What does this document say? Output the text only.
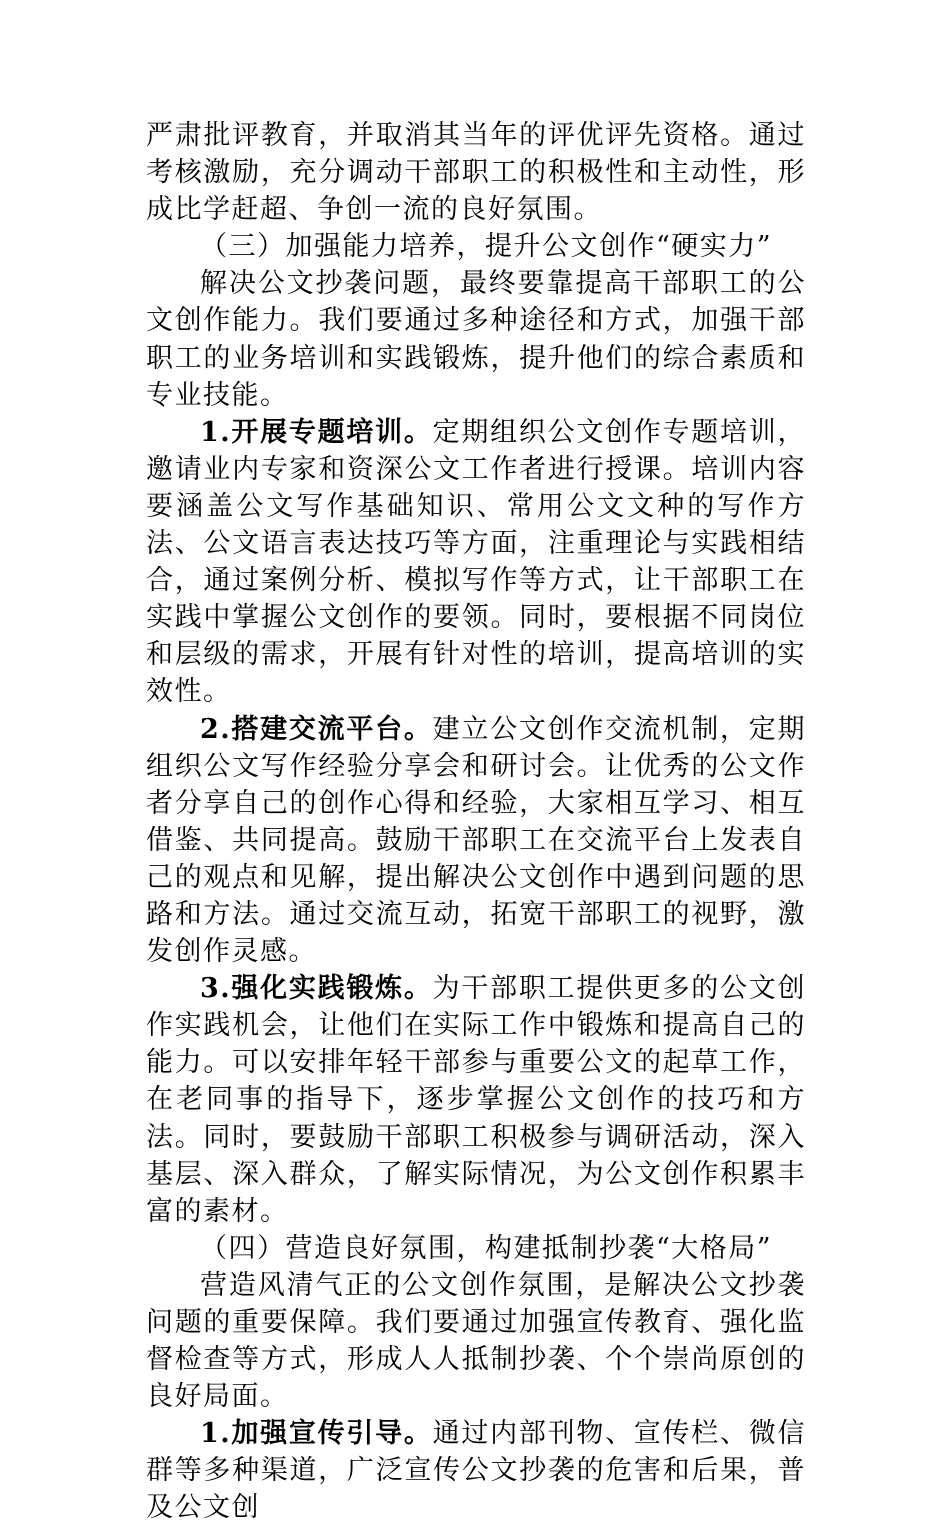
严肃批评教育，并取消其当年的评优评先资格。通过考核激励，充分调动干部职工的积极性和主动性，形成比学赶超、争创一流的良好氛围。

（三）加强能力培养，提升公文创作“硬实力”

解决公文抄袭问题，最终要靠提高干部职工的公文创作能力。我们要通过多种途径和方式，加强干部职工的业务培训和实践锻炼，提升他们的综合素质和专业技能。

1.开展专题培训。定期组织公文创作专题培训，邀请业内专家和资深公文工作者进行授课。培训内容要涵盖公文写作基础知识、常用公文文种的写作方法、公文语言表达技巧等方面，注重理论与实践相结合，通过案例分析、模拟写作等方式，让干部职工在实践中掌握公文创作的要领。同时，要根据不同岗位和层级的需求，开展有针对性的培训，提高培训的实效性。

2.搭建交流平台。建立公文创作交流机制，定期组织公文写作经验分享会和研讨会。让优秀的公文作者分享自己的创作心得和经验，大家相互学习、相互借鉴、共同提高。鼓励干部职工在交流平台上发表自己的观点和见解，提出解决公文创作中遇到问题的思路和方法。通过交流互动，拓宽干部职工的视野，激发创作灵感。

3.强化实践锻炼。为干部职工提供更多的公文创作实践机会，让他们在实际工作中锻炼和提高自己的能力。可以安排年轻干部参与重要公文的起草工作，在老同事的指导下，逐步掌握公文创作的技巧和方法。同时，要鼓励干部职工积极参与调研活动，深入基层、深入群众，了解实际情况，为公文创作积累丰富的素材。

（四）营造良好氛围，构建抵制抄袭“大格局”

营造风清气正的公文创作氛围，是解决公文抄袭问题的重要保障。我们要通过加强宣传教育、强化监督检查等方式，形成人人抵制抄袭、个个崇尚原创的良好局面。

1.加强宣传引导。通过内部刊物、宣传栏、微信群等多种渠道，广泛宣传公文抄袭的危害和后果，普及公文创
